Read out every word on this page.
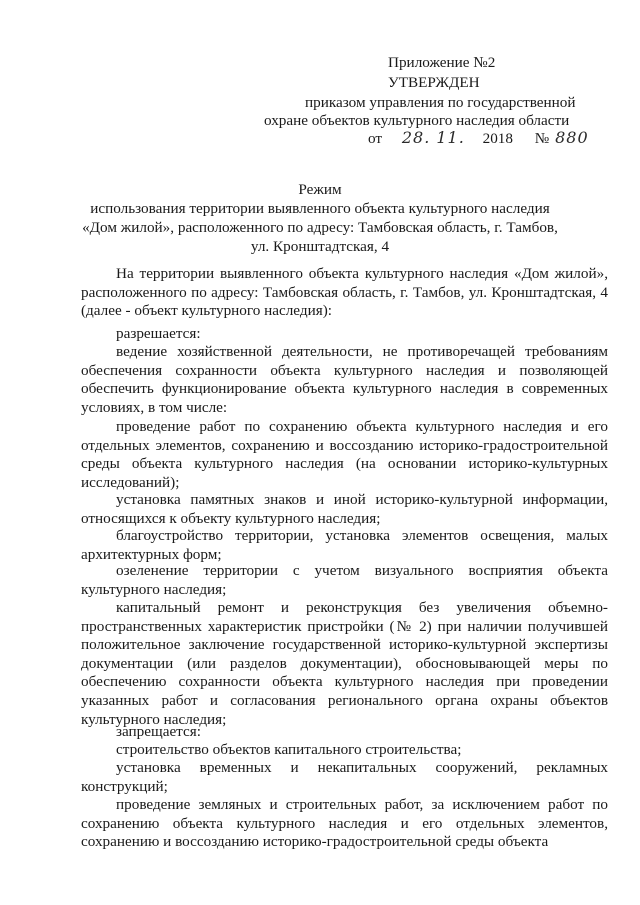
Приложение №2
УТВЕРЖДЕН
приказом управления по государственной
охране объектов культурного наследия области
от 28. 11. 2018 № 880
Режим
использования территории выявленного объекта культурного наследия
«Дом жилой», расположенного по адресу: Тамбовская область, г. Тамбов,
ул. Кронштадтская, 4
На территории выявленного объекта культурного наследия «Дом жилой», расположенного по адресу: Тамбовская область, г. Тамбов, ул. Кронштадтская, 4 (далее - объект культурного наследия):
разрешается:
ведение хозяйственной деятельности, не противоречащей требованиям обеспечения сохранности объекта культурного наследия и позволяющей обеспечить функционирование объекта культурного наследия в современных условиях, в том числе:
проведение работ по сохранению объекта культурного наследия и его отдельных элементов, сохранению и воссозданию историко-градостроительной среды объекта культурного наследия (на основании историко-культурных исследований);
установка памятных знаков и иной историко-культурной информации, относящихся к объекту культурного наследия;
благоустройство территории, установка элементов освещения, малых архитектурных форм;
озеленение территории с учетом визуального восприятия объекта культурного наследия;
капитальный ремонт и реконструкция без увеличения объемно-пространственных характеристик пристройки (№ 2) при наличии получившей положительное заключение государственной историко-культурной экспертизы документации (или разделов документации), обосновывающей меры по обеспечению сохранности объекта культурного наследия при проведении указанных работ и согласования регионального органа охраны объектов культурного наследия;
запрещается:
строительство объектов капитального строительства;
установка временных и некапитальных сооружений, рекламных конструкций;
проведение земляных и строительных работ, за исключением работ по сохранению объекта культурного наследия и его отдельных элементов, сохранению и воссозданию историко-градостроительной среды объекта
